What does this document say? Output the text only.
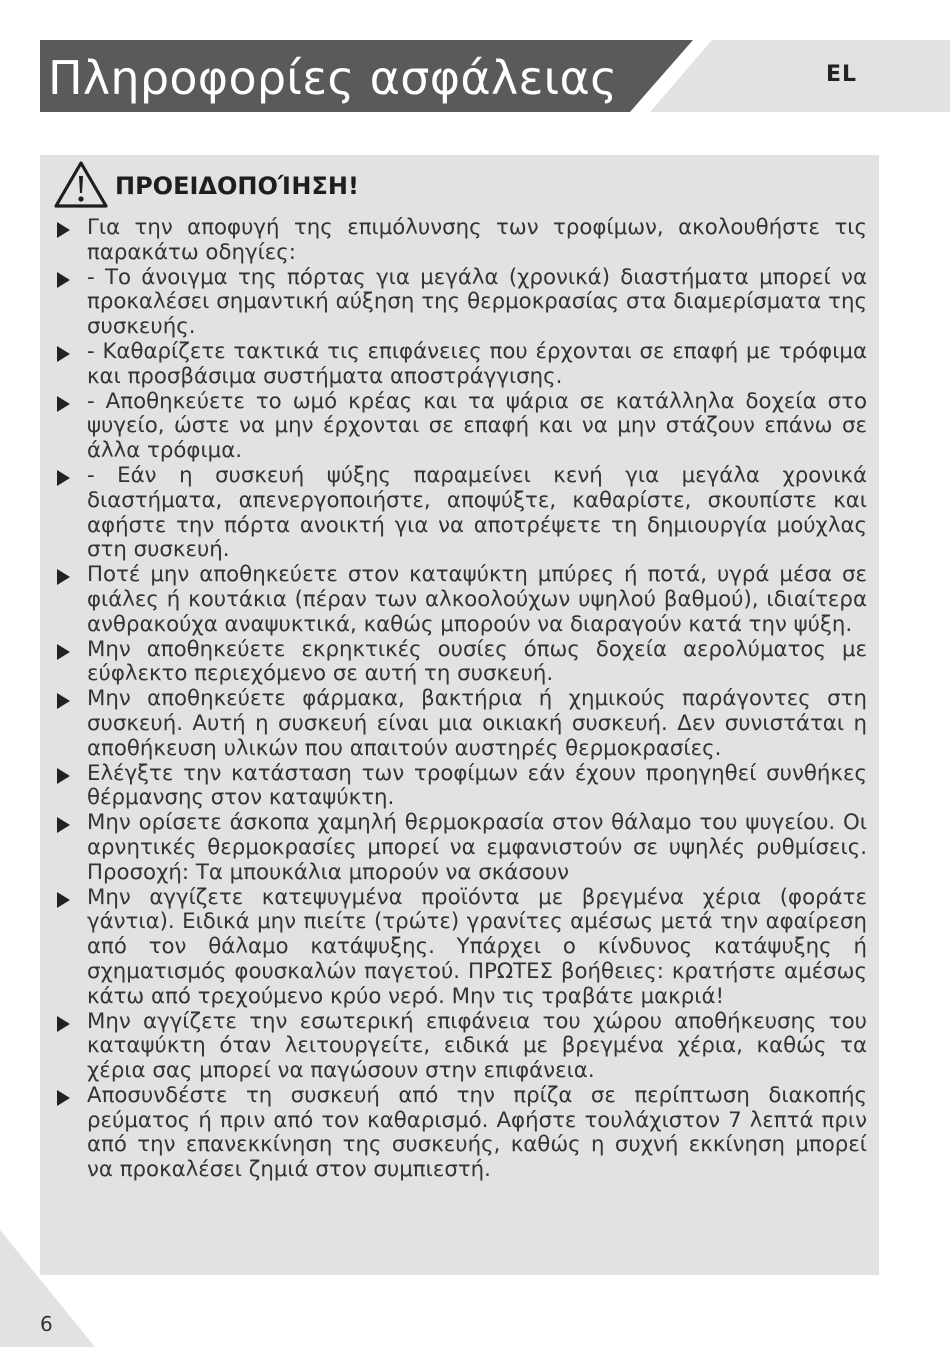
Πληροφορίες ασφάλειας	EL
ΠΡΟΕΙΔΟΠΟΊΗΣΗ!
Για την αποφυγή της επιμόλυνσης των τροφίμων, ακολουθήστε τις παρακάτω οδηγίες:
- Το άνοιγμα της πόρτας για μεγάλα (χρονικά) διαστήματα μπορεί να προκαλέσει σημαντική αύξηση της θερμοκρασίας στα διαμερίσματα της συσκευής.
- Καθαρίζετε τακτικά τις επιφάνειες που έρχονται σε επαφή με τρόφιμα και προσβάσιμα συστήματα αποστράγγισης.
- Αποθηκεύετε το ωμό κρέας και τα ψάρια σε κατάλληλα δοχεία στο ψυγείο, ώστε να μην έρχονται σε επαφή και να μην στάζουν επάνω σε άλλα τρόφιμα.
- Εάν η συσκευή ψύξης παραμείνει κενή για μεγάλα χρονικά διαστήματα, απενεργοποιήστε, αποψύξτε, καθαρίστε, σκουπίστε και αφήστε την πόρτα ανοικτή για να αποτρέψετε τη δημιουργία μούχλας στη συσκευή.
Ποτέ μην αποθηκεύετε στον καταψύκτη μπύρες ή ποτά, υγρά μέσα σε φιάλες ή κουτάκια (πέραν των αλκοολούχων υψηλού βαθμού), ιδιαίτερα ανθρακούχα αναψυκτικά, καθώς μπορούν να διαραγούν κατά την ψύξη.
Μην αποθηκεύετε εκρηκτικές ουσίες όπως δοχεία αερολύματος με εύφλεκτο περιεχόμενο σε αυτή τη συσκευή.
Μην αποθηκεύετε φάρμακα, βακτήρια ή χημικούς παράγοντες στη συσκευή. Αυτή η συσκευή είναι μια οικιακή συσκευή. Δεν συνιστάται η αποθήκευση υλικών που απαιτούν αυστηρές θερμοκρασίες.
Ελέγξτε την κατάσταση των τροφίμων εάν έχουν προηγηθεί συνθήκες θέρμανσης στον καταψύκτη.
Μην ορίσετε άσκοπα χαμηλή θερμοκρασία στον θάλαμο του ψυγείου. Οι αρνητικές θερμοκρασίες μπορεί να εμφανιστούν σε υψηλές ρυθμίσεις. Προσοχή: Τα μπουκάλια μπορούν να σκάσουν
Μην αγγίζετε κατεψυγμένα προϊόντα με βρεγμένα χέρια (φοράτε γάντια). Ειδικά μην πιείτε (τρώτε) γρανίτες αμέσως μετά την αφαίρεση από τον θάλαμο κατάψυξης. Υπάρχει ο κίνδυνος κατάψυξης ή σχηματισμός φουσκαλών παγετού. ΠΡΩΤΕΣ βοήθειες: κρατήστε αμέσως κάτω από τρεχούμενο κρύο νερό. Μην τις τραβάτε μακριά!
Μην αγγίζετε την εσωτερική επιφάνεια του χώρου αποθήκευσης του καταψύκτη όταν λειτουργείτε, ειδικά με βρεγμένα χέρια, καθώς τα χέρια σας μπορεί να παγώσουν στην επιφάνεια.
Αποσυνδέστε τη συσκευή από την πρίζα σε περίπτωση διακοπής ρεύματος ή πριν από τον καθαρισμό. Αφήστε τουλάχιστον 7 λεπτά πριν από την επανεκκίνηση της συσκευής, καθώς η συχνή εκκίνηση μπορεί να προκαλέσει ζημιά στον συμπιεστή.
6
